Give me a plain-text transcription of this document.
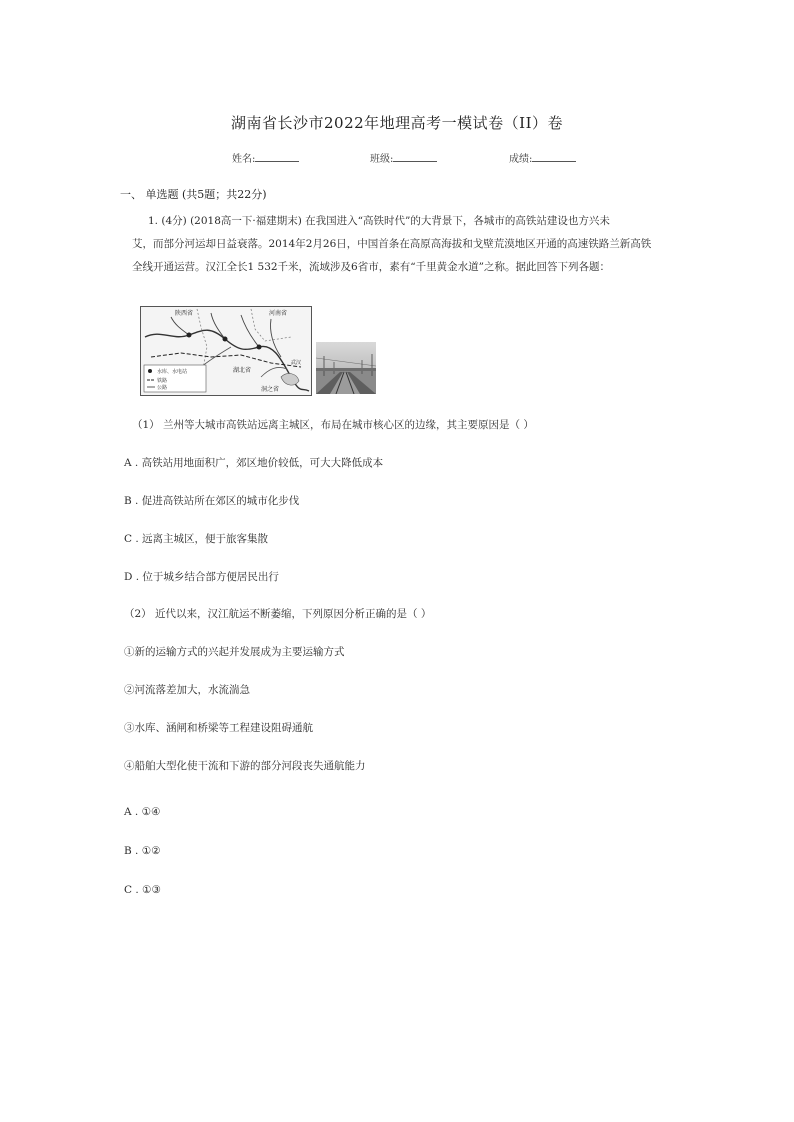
湖南省长沙市2022年地理高考一模试卷（II）卷
姓名:	班级:	成绩:
一、 单选题 (共5题；共22分)
1. (4分) (2018高一下·福建期末) 在我国进入“高铁时代”的大背景下，各城市的高铁站建设也方兴未
艾，而部分河运却日益衰落。2014年2月26日，中国首条在高原高海拔和戈壁荒漠地区开通的高速铁路兰新高铁
全线开通运营。汉江全长1 532千米，流域涉及6省市，素有“千里黄金水道”之称。据此回答下列各题：
陕西省	河南省
湖北省
武汉
洞之省
水库、水电站
铁路
公路
（1） 兰州等大城市高铁站远离主城区，布局在城市核心区的边缘，其主要原因是（ ）
A . 高铁站用地面积广，郊区地价较低，可大大降低成本
B . 促进高铁站所在郊区的城市化步伐
C . 远离主城区，便于旅客集散
D . 位于城乡结合部方便居民出行
（2） 近代以来，汉江航运不断萎缩，下列原因分析正确的是（ ）
①新的运输方式的兴起并发展成为主要运输方式
②河流落差加大，水流湍急
③水库、涵闸和桥梁等工程建设阻碍通航
④船舶大型化使干流和下游的部分河段丧失通航能力
A . ①④
B . ①②
C . ①③
